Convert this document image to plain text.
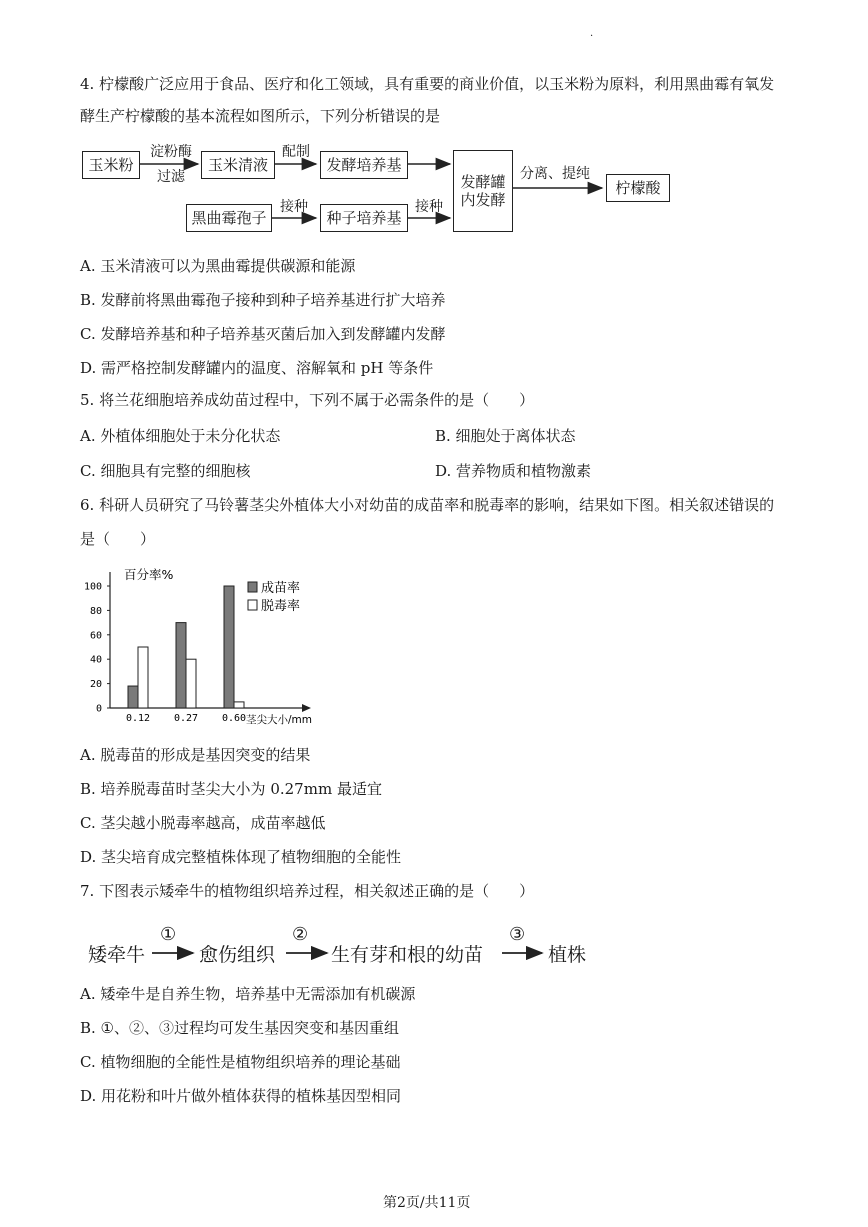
.
4. 柠檬酸广泛应用于食品、医疗和化工领域，具有重要的商业价值，以玉米粉为原料，利用黑曲霉有氧发
酵生产柠檬酸的基本流程如图所示，下列分析错误的是
玉米粉
淀粉酶
过滤
玉米清液
配制
发酵培养基
黑曲霉孢子
接种
种子培养基
接种
发酵罐
内发酵
分离、提纯
柠檬酸
A. 玉米清液可以为黑曲霉提供碳源和能源
B. 发酵前将黑曲霉孢子接种到种子培养基进行扩大培养
C. 发酵培养基和种子培养基灭菌后加入到发酵罐内发酵
D. 需严格控制发酵罐内的温度、溶解氧和 pH 等条件
5. 将兰花细胞培养成幼苗过程中，下列不属于必需条件的是（　　）
A. 外植体细胞处于未分化状态	B. 细胞处于离体状态
C. 细胞具有完整的细胞核	D. 营养物质和植物激素
6. 科研人员研究了马铃薯茎尖外植体大小对幼苗的成苗率和脱毒率的影响，结果如下图。相关叙述错误的
是（　　）
0
20
40
60
80
100
百分率%
0.12 0.27 0.60 茎尖大小/mm
成苗率
脱毒率
A. 脱毒苗的形成是基因突变的结果
B. 培养脱毒苗时茎尖大小为 0.27mm 最适宜
C. 茎尖越小脱毒率越高，成苗率越低
D. 茎尖培育成完整植株体现了植物细胞的全能性
7. 下图表示矮牵牛的植物组织培养过程，相关叙述正确的是（　　）
矮牵牛
①
愈伤组织
②
生有芽和根的幼苗
③
植株
A. 矮牵牛是自养生物，培养基中无需添加有机碳源
B. ①、②、③过程均可发生基因突变和基因重组
C. 植物细胞的全能性是植物组织培养的理论基础
D. 用花粉和叶片做外植体获得的植株基因型相同
第2页/共11页
